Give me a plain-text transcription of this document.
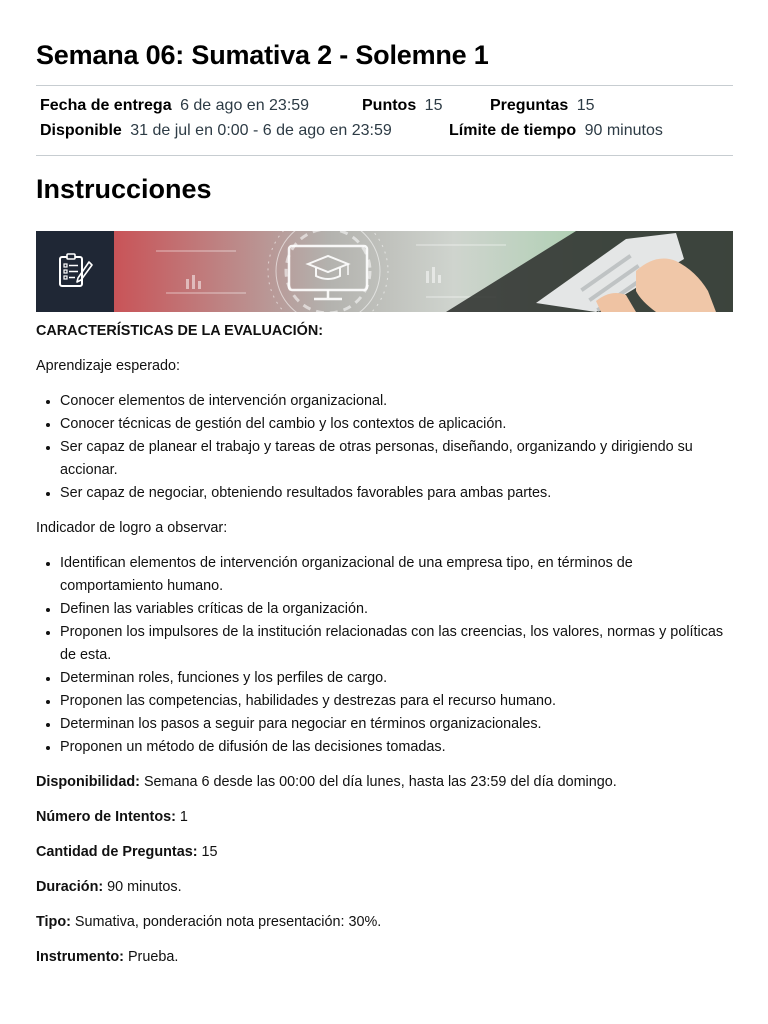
Semana 06: Sumativa 2 - Solemne 1
Fecha de entrega 6 de ago en 23:59	Puntos 15	Preguntas 15
Disponible 31 de jul en 0:00 - 6 de ago en 23:59	Límite de tiempo 90 minutos
Instrucciones

CARACTERÍSTICAS DE LA EVALUACIÓN:

Aprendizaje esperado:

• Conocer elementos de intervención organizacional.
• Conocer técnicas de gestión del cambio y los contextos de aplicación.
• Ser capaz de planear el trabajo y tareas de otras personas, diseñando, organizando y dirigiendo su accionar.
• Ser capaz de negociar, obteniendo resultados favorables para ambas partes.

Indicador de logro a observar:

• Identifican elementos de intervención organizacional de una empresa tipo, en términos de comportamiento humano.
• Definen las variables críticas de la organización.
• Proponen los impulsores de la institución relacionadas con las creencias, los valores, normas y políticas de esta.
• Determinan roles, funciones y los perfiles de cargo.
• Proponen las competencias, habilidades y destrezas para el recurso humano.
• Determinan los pasos a seguir para negociar en términos organizacionales.
• Proponen un método de difusión de las decisiones tomadas.

Disponibilidad: Semana 6 desde las 00:00 del día lunes, hasta las 23:59 del día domingo.

Número de Intentos: 1

Cantidad de Preguntas: 15

Duración: 90 minutos.

Tipo: Sumativa, ponderación nota presentación: 30%.

Instrumento: Prueba.
